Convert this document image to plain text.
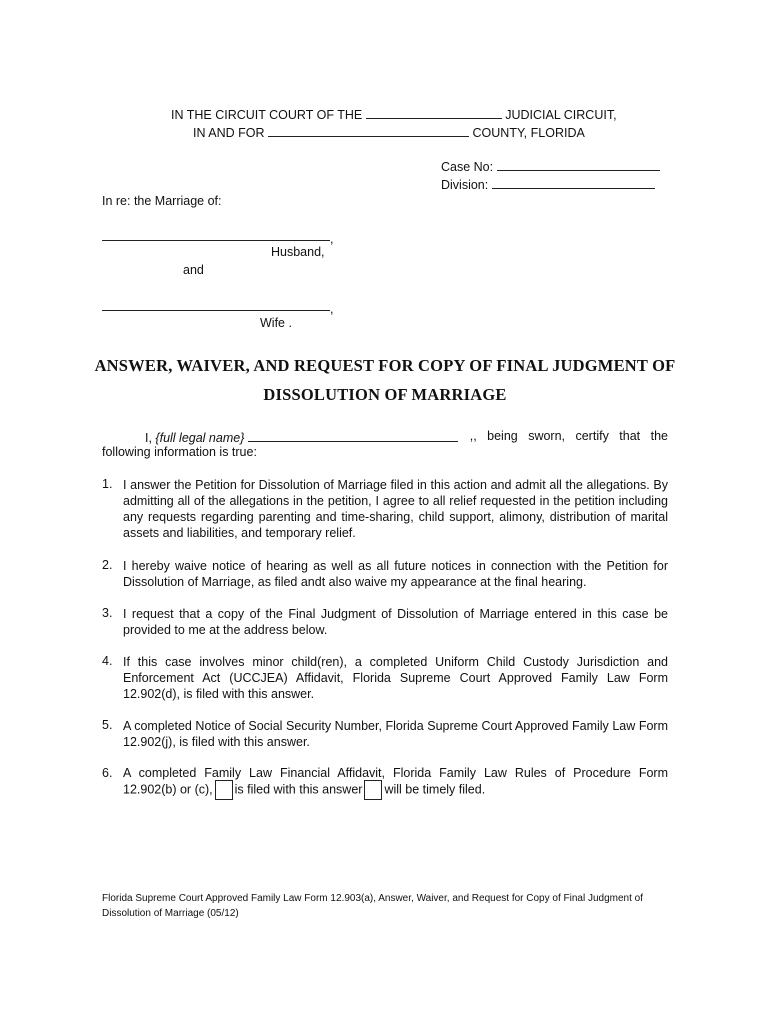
IN THE CIRCUIT COURT OF THE	JUDICIAL CIRCUIT,
IN AND FOR	COUNTY, FLORIDA
Case No:
Division:
In re: the Marriage of:
,
Husband,
and
,
Wife .
ANSWER, WAIVER, AND REQUEST FOR COPY OF FINAL JUDGMENT OF
DISSOLUTION OF MARRIAGE
I, {full legal name}	,, being sworn, certify that the
following information is true:
1. I answer the Petition for Dissolution of Marriage filed in this action and admit all the allegations. By admitting all of the allegations in the petition, I agree to all relief requested in the petition including any requests regarding parenting and time-sharing, child support, alimony, distribution of marital assets and liabilities, and temporary relief.
2. I hereby waive notice of hearing as well as all future notices in connection with the Petition for Dissolution of Marriage, as filed andt also waive my appearance at the final hearing.
3. I request that a copy of the Final Judgment of Dissolution of Marriage entered in this case be provided to me at the address below.
4. If this case involves minor child(ren), a completed Uniform Child Custody Jurisdiction and Enforcement Act (UCCJEA) Affidavit, Florida Supreme Court Approved Family Law Form 12.902(d), is filed with this answer.
5. A completed Notice of Social Security Number, Florida Supreme Court Approved Family Law Form 12.902(j), is filed with this answer.
6. A completed Family Law Financial Affidavit, Florida Family Law Rules of Procedure Form
12.902(b) or (c), is filed with this answer will be timely filed.
Florida Supreme Court Approved Family Law Form 12.903(a), Answer, Waiver, and Request for Copy of Final Judgment of Dissolution of Marriage (05/12)
